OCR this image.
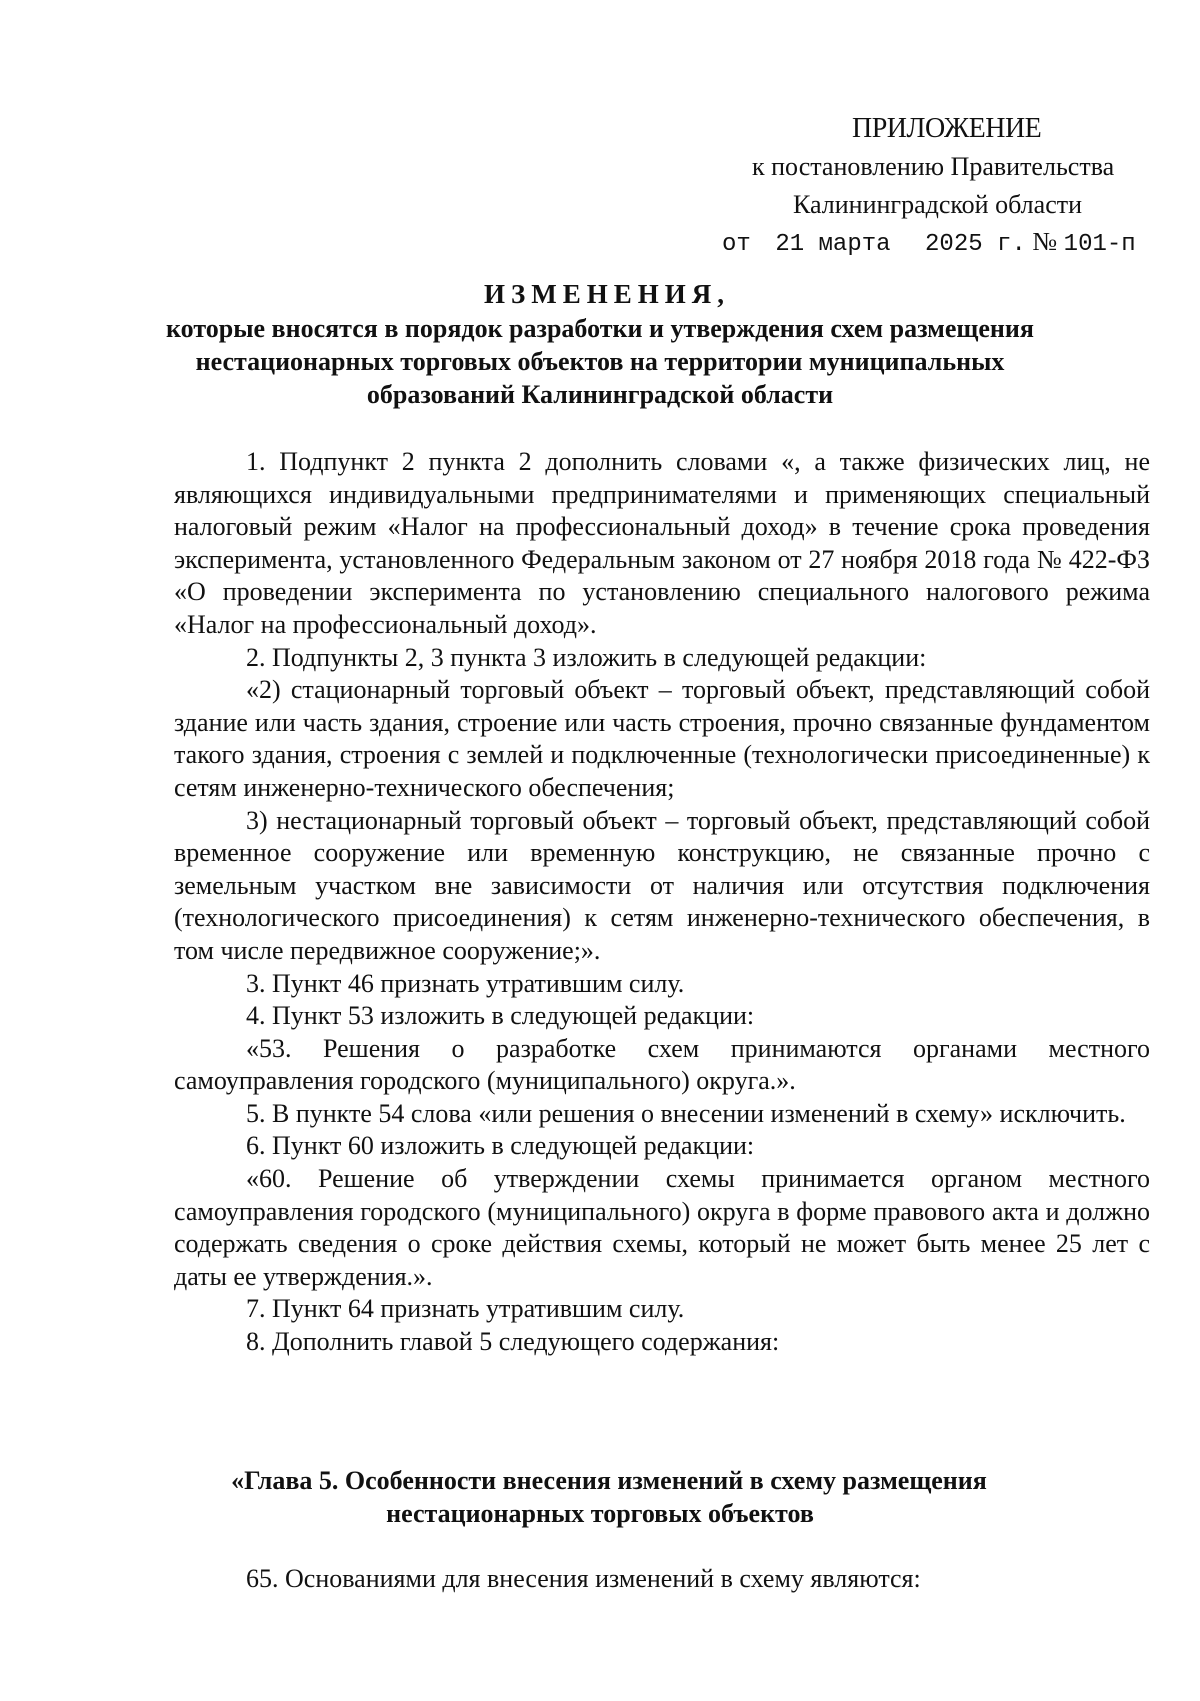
ПРИЛОЖЕНИЕ
к постановлению Правительства
Калининградской области
от 21 марта 2025 г. № 101-п
ИЗМЕНЕНИЯ,
которые вносятся в порядок разработки и утверждения схем размещения
нестационарных торговых объектов на территории муниципальных
образований Калининградской области

1. Подпункт 2 пункта 2 дополнить словами «, а также физических лиц, не являющихся индивидуальными предпринимателями и применяющих специальный налоговый режим «Налог на профессиональный доход» в течение срока проведения эксперимента, установленного Федеральным законом от 27 ноября 2018 года № 422-ФЗ «О проведении эксперимента по установлению специального налогового режима «Налог на профессиональный доход».

2. Подпункты 2, 3 пункта 3 изложить в следующей редакции:

«2) стационарный торговый объект – торговый объект, представляющий собой здание или часть здания, строение или часть строения, прочно связанные фундаментом такого здания, строения с землей и подключенные (технологически присоединенные) к сетям инженерно-технического обеспечения;

3) нестационарный торговый объект – торговый объект, представляющий собой временное сооружение или временную конструкцию, не связанные прочно с земельным участком вне зависимости от наличия или отсутствия подключения (технологического присоединения) к сетям инженерно-технического обеспечения, в том числе передвижное сооружение;».

3. Пункт 46 признать утратившим силу.

4. Пункт 53 изложить в следующей редакции:

«53. Решения о разработке схем принимаются органами местного самоуправления городского (муниципального) округа.».

5. В пункте 54 слова «или решения о внесении изменений в схему» исключить.

6. Пункт 60 изложить в следующей редакции:

«60. Решение об утверждении схемы принимается органом местного самоуправления городского (муниципального) округа в форме правового акта и должно содержать сведения о сроке действия схемы, который не может быть менее 25 лет с даты ее утверждения.».

7. Пункт 64 признать утратившим силу.

8. Дополнить главой 5 следующего содержания:

«Глава 5. Особенности внесения изменений в схему размещения
нестационарных торговых объектов
65. Основаниями для внесения изменений в схему являются:
